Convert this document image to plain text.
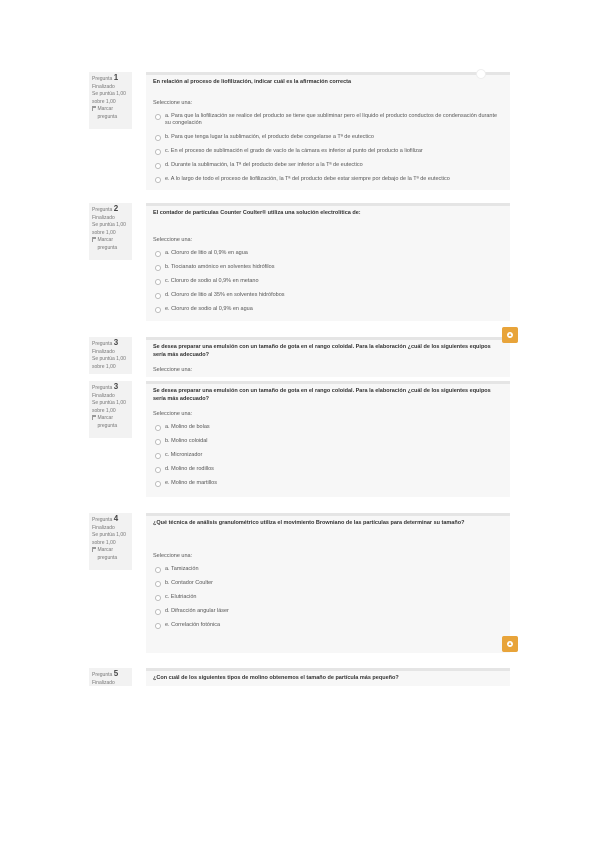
Pregunta 1
Finalizado
Se puntúa 1,00
sobre 1,00
Marcar pregunta
En relación al proceso de liofilización, indicar cuál es la afirmación correcta
Seleccione una:
a. Para que la liofilización se realice del producto se tiene que subliminar pero el líquido el producto conductos de condensación durante su congelación
b. Para que tenga lugar la sublimación, el producto debe congelarse a Tª de eutectico
c. En el proceso de sublimación el grado de vacío de la cámara es inferior al punto del producto a liofilizar
d. Durante la sublimación, la Tª del producto debe ser inferior a la Tª de eutectico
e. A lo largo de todo el proceso de liofilización, la Tª del producto debe estar siempre por debajo de la Tª de eutectico
Pregunta 2
Finalizado
Se puntúa 1,00
sobre 1,00
Marcar pregunta
El contador de partículas Counter Coulter® utiliza una solución electrolítica de:
Seleccione una:
a. Cloruro de litio al 0,9% en agua
b. Tiocianato amónico en solventes hidrófilos
c. Cloruro de sodio al 0,9% en metano
d. Cloruro de litio al 35% en solventes hidrófobos
e. Cloruro de sodio al 0,9% en agua
Pregunta 3
Finalizado
Se puntúa 1,00
sobre 1,00
Se desea preparar una emulsión con un tamaño de gota en el rango coloidal. Para la elaboración ¿cuál de los siguientes equipos sería más adecuado?
Seleccione una:
▲
Pregunta 3
Finalizado
Se puntúa 1,00
sobre 1,00
Marcar pregunta
Se desea preparar una emulsión con un tamaño de gota en el rango coloidal. Para la elaboración ¿cuál de los siguientes equipos sería más adecuado?
Seleccione una:
a. Molino de bolas
b. Molino coloidal
c. Micronizador
d. Molino de rodillos
e. Molino de martillos
Pregunta 4
Finalizado
Se puntúa 1,00
sobre 1,00
Marcar pregunta
¿Qué técnica de análisis granulométrico utiliza el movimiento Browniano de las partículas para determinar su tamaño?
Seleccione una:
a. Tamización
b. Contador Coulter
c. Elutriación
d. Difracción angular láser
e. Correlación fotónica
▲
Pregunta 5
Finalizado
¿Con cuál de los siguientes tipos de molino obtenemos el tamaño de partícula más pequeño?
